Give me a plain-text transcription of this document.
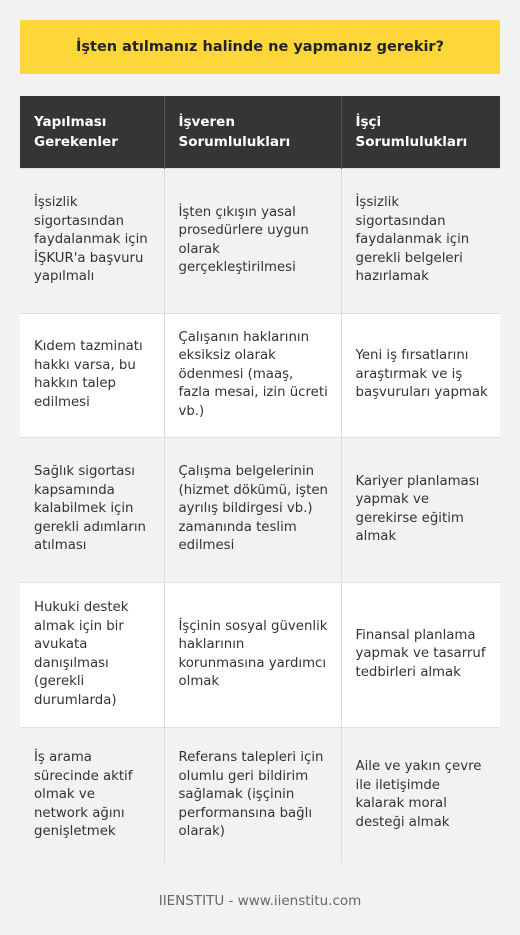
İşten atılmanız halinde ne yapmanız gerekir?
Yapılması Gerekenler	İşveren Sorumlulukları	İşçi Sorumlulukları
İşsizlik sigortasından faydalanmak için İŞKUR'a başvuru yapılmalı	İşten çıkışın yasal prosedürlere uygun olarak gerçekleştirilmesi	İşsizlik sigortasından faydalanmak için gerekli belgeleri hazırlamak
Kıdem tazminatı hakkı varsa, bu hakkın talep edilmesi	Çalışanın haklarının eksiksiz olarak ödenmesi (maaş, fazla mesai, izin ücreti vb.)	Yeni iş fırsatlarını araştırmak ve iş başvuruları yapmak
Sağlık sigortası kapsamında kalabilmek için gerekli adımların atılması	Çalışma belgelerinin (hizmet dökümü, işten ayrılış bildirgesi vb.) zamanında teslim edilmesi	Kariyer planlaması yapmak ve gerekirse eğitim almak
Hukuki destek almak için bir avukata danışılması (gerekli durumlarda)	İşçinin sosyal güvenlik haklarının korunmasına yardımcı olmak	Finansal planlama yapmak ve tasarruf tedbirleri almak
İş arama sürecinde aktif olmak ve network ağını genişletmek	Referans talepleri için olumlu geri bildirim sağlamak (işçinin performansına bağlı olarak)	Aile ve yakın çevre ile iletişimde kalarak moral desteği almak
IIENSTITU - www.iienstitu.com
